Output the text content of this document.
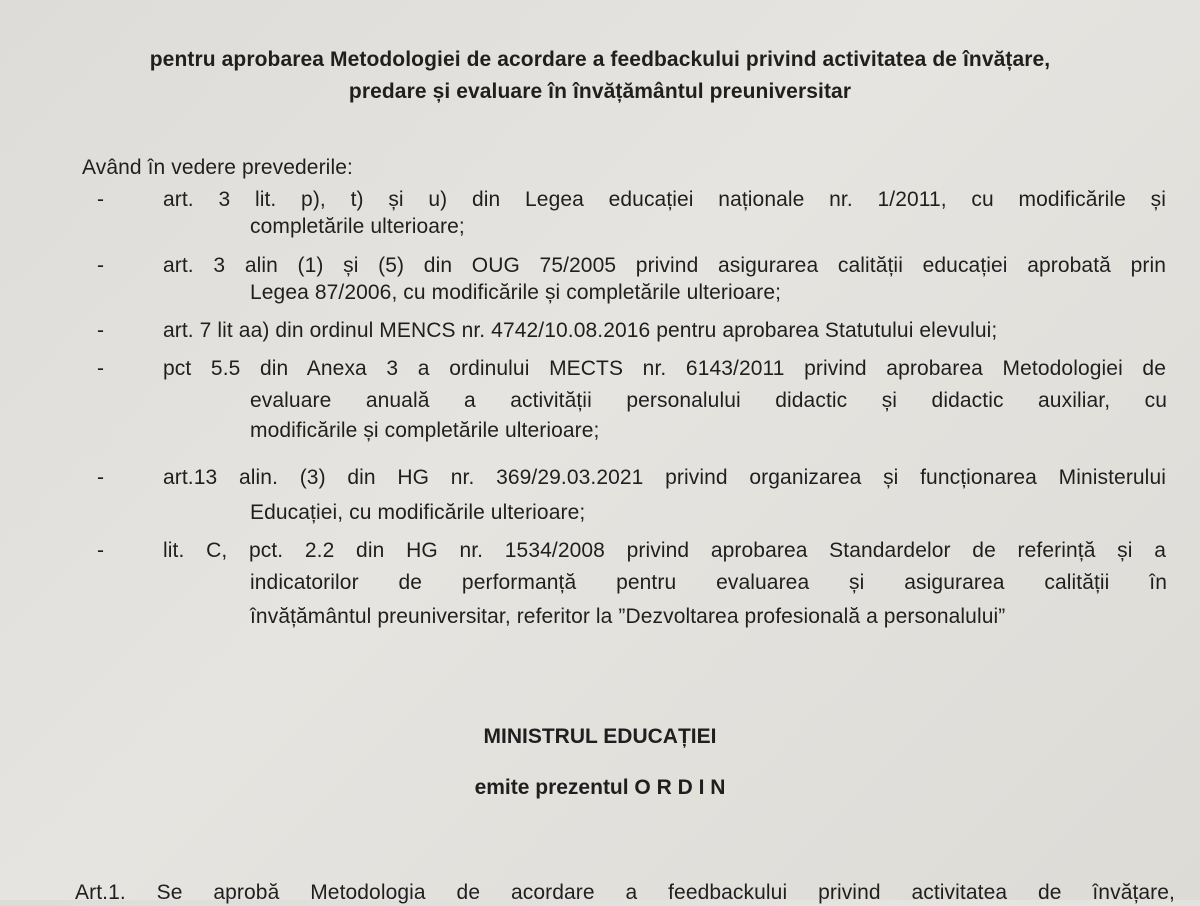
pentru aprobarea Metodologiei de acordare a feedbackului privind activitatea de învățare,
predare și evaluare în învățământul preuniversitar
Având în vedere prevederile:
-	art. 3 lit. p), t) și u) din Legea educației naționale nr. 1/2011, cu modificările și
completările ulterioare;
-	art. 3 alin (1) și (5) din OUG 75/2005 privind asigurarea calității educației aprobată prin
Legea 87/2006, cu modificările și completările ulterioare;
-	art. 7 lit aa) din ordinul MENCS nr. 4742/10.08.2016 pentru aprobarea Statutului elevului;
-	pct 5.5 din Anexa 3 a ordinului MECTS nr. 6143/2011 privind aprobarea Metodologiei de
evaluare anuală a activității personalului didactic și didactic auxiliar, cu
modificările și completările ulterioare;
-	art.13 alin. (3) din HG nr. 369/29.03.2021 privind organizarea și funcționarea Ministerului
Educației, cu modificările ulterioare;
-	lit. C, pct. 2.2 din HG nr. 1534/2008 privind aprobarea Standardelor de referință și a
indicatorilor de performanță pentru evaluarea și asigurarea calității în
învățământul preuniversitar, referitor la ”Dezvoltarea profesională a personalului”
MINISTRUL EDUCAȚIEI
emite prezentul O R D I N
Art.1. Se aprobă Metodologia de acordare a feedbackului privind activitatea de învățare,
